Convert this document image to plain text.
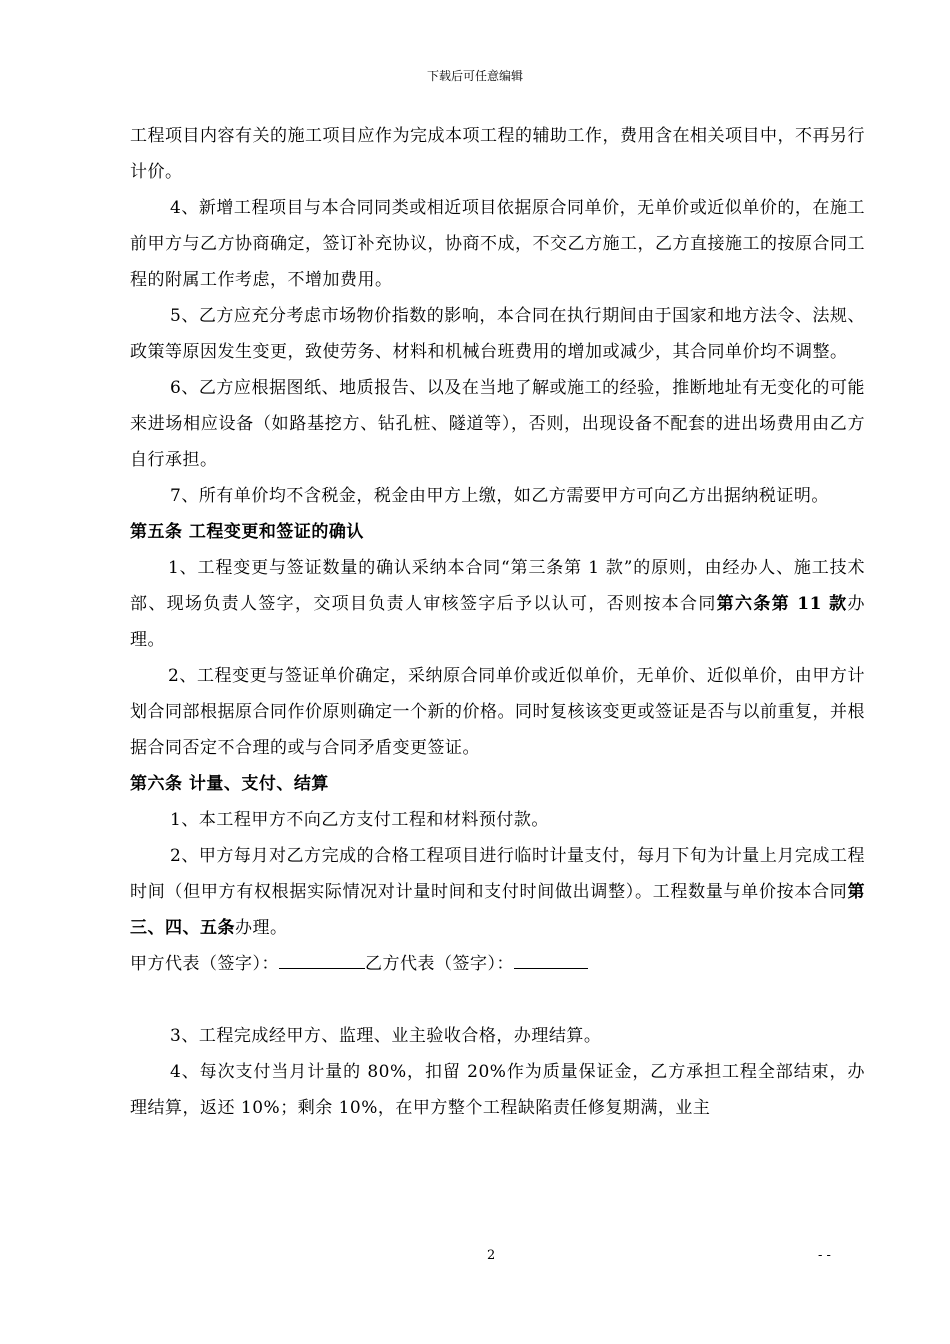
下载后可任意编辑

工程项目内容有关的施工项目应作为完成本项工程的辅助工作，费用含在相关项目中，不再另行计价。

4、新增工程项目与本合同同类或相近项目依据原合同单价，无单价或近似单价的，在施工前甲方与乙方协商确定，签订补充协议，协商不成，不交乙方施工，乙方直接施工的按原合同工程的附属工作考虑，不增加费用。

5、乙方应充分考虑市场物价指数的影响，本合同在执行期间由于国家和地方法令、法规、政策等原因发生变更，致使劳务、材料和机械台班费用的增加或减少，其合同单价均不调整。

6、乙方应根据图纸、地质报告、以及在当地了解或施工的经验，推断地址有无变化的可能来进场相应设备（如路基挖方、钻孔桩、隧道等），否则，出现设备不配套的进出场费用由乙方自行承担。

7、所有单价均不含税金，税金由甲方上缴，如乙方需要甲方可向乙方出据纳税证明。

第五条 工程变更和签证的确认

1、工程变更与签证数量的确认采纳本合同“第三条第 1 款”的原则，由经办人、施工技术部、现场负责人签字，交项目负责人审核签字后予以认可，否则按本合同第六条第 11 款办理。

2、工程变更与签证单价确定，采纳原合同单价或近似单价，无单价、近似单价，由甲方计划合同部根据原合同作价原则确定一个新的价格。同时复核该变更或签证是否与以前重复，并根据合同否定不合理的或与合同矛盾变更签证。

第六条 计量、支付、结算

1、本工程甲方不向乙方支付工程和材料预付款。

2、甲方每月对乙方完成的合格工程项目进行临时计量支付，每月下旬为计量上月完成工程时间（但甲方有权根据实际情况对计量时间和支付时间做出调整）。工程数量与单价按本合同第三、四、五条办理。

甲方代表（签字）：	乙方代表（签字）：

3、工程完成经甲方、监理、业主验收合格，办理结算。

4、每次支付当月计量的 80%，扣留 20%作为质量保证金，乙方承担工程全部结束，办理结算，返还 10%；剩余 10%，在甲方整个工程缺陷责任修复期满，业主

2	- -
